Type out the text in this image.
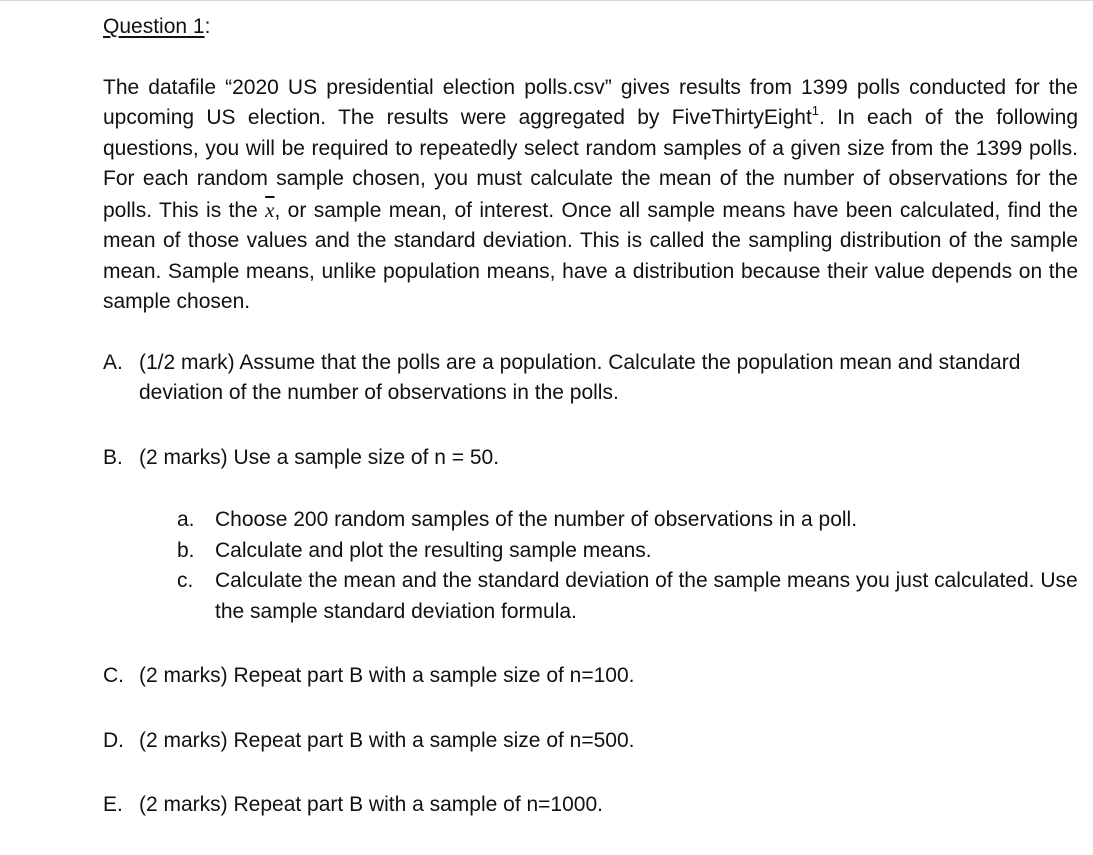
Question 1:

The datafile “2020 US presidential election polls.csv” gives results from 1399 polls conducted for the upcoming US election. The results were aggregated by FiveThirtyEight$^1$. In each of the following questions, you will be required to repeatedly select random samples of a given size from the 1399 polls. For each random sample chosen, you must calculate the mean of the number of observations for the polls. This is the $\overline{x}$, or sample mean, of interest. Once all sample means have been calculated, find the mean of those values and the standard deviation. This is called the sampling distribution of the sample mean. Sample means, unlike population means, have a distribution because their value depends on the sample chosen.

A. (1/2 mark) Assume that the polls are a population. Calculate the population mean and standard deviation of the number of observations in the polls.
B. (2 marks) Use a sample size of n = 50.
a. Choose 200 random samples of the number of observations in a poll.
b. Calculate and plot the resulting sample means.
c.	Calculate the mean and the standard deviation of the sample means you just calculated. Use the sample standard deviation formula.
C. (2 marks) Repeat part B with a sample size of n=100.
D. (2 marks) Repeat part B with a sample size of n=500.
E. (2 marks) Repeat part B with a sample of n=1000.
